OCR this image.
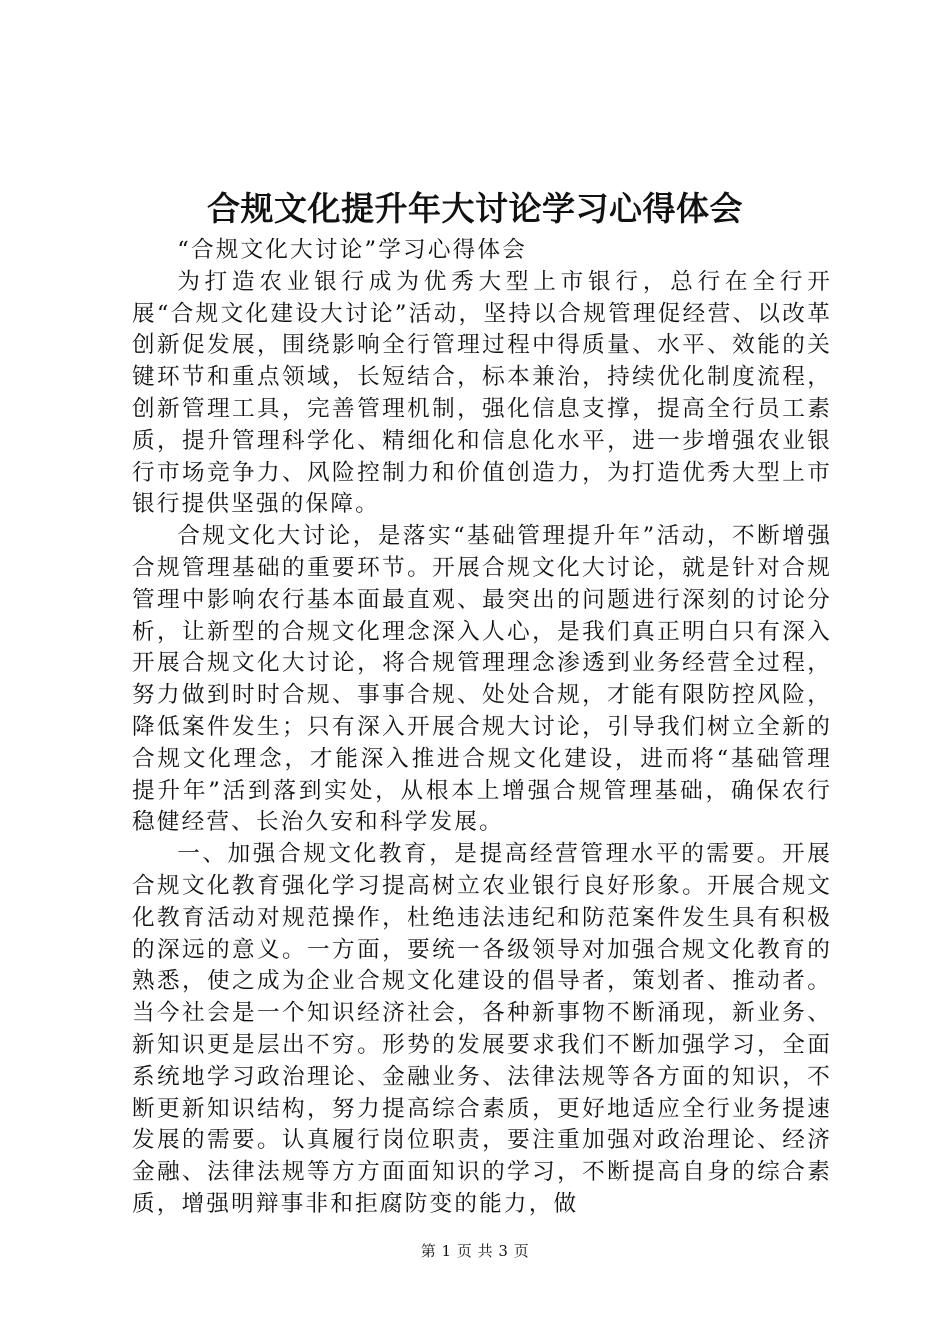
合规文化提升年大讨论学习心得体会

“合规文化大讨论”学习心得体会

为打造农业银行成为优秀大型上市银行，总行在全行开展“合规文化建设大讨论”活动，坚持以合规管理促经营、以改革创新促发展，围绕影响全行管理过程中得质量、水平、效能的关键环节和重点领域，长短结合，标本兼治，持续优化制度流程，创新管理工具，完善管理机制，强化信息支撑，提高全行员工素质，提升管理科学化、精细化和信息化水平，进一步增强农业银行市场竞争力、风险控制力和价值创造力，为打造优秀大型上市银行提供坚强的保障。

合规文化大讨论，是落实“基础管理提升年”活动，不断增强合规管理基础的重要环节。开展合规文化大讨论，就是针对合规管理中影响农行基本面最直观、最突出的问题进行深刻的讨论分析，让新型的合规文化理念深入人心，是我们真正明白只有深入开展合规文化大讨论，将合规管理理念渗透到业务经营全过程，努力做到时时合规、事事合规、处处合规，才能有限防控风险，降低案件发生；只有深入开展合规大讨论，引导我们树立全新的合规文化理念，才能深入推进合规文化建设，进而将“基础管理提升年”活到落到实处，从根本上增强合规管理基础，确保农行稳健经营、长治久安和科学发展。

一、加强合规文化教育，是提高经营管理水平的需要。开展合规文化教育强化学习提高树立农业银行良好形象。开展合规文化教育活动对规范操作，杜绝违法违纪和防范案件发生具有积极的深远的意义。一方面，要统一各级领导对加强合规文化教育的熟悉，使之成为企业合规文化建设的倡导者，策划者、推动者。当今社会是一个知识经济社会，各种新事物不断涌现，新业务、新知识更是层出不穷。形势的发展要求我们不断加强学习，全面系统地学习政治理论、金融业务、法律法规等各方面的知识，不断更新知识结构，努力提高综合素质，更好地适应全行业务提速发展的需要。认真履行岗位职责，要注重加强对政治理论、经济金融、法律法规等方方面面知识的学习，不断提高自身的综合素质，增强明辩事非和拒腐防变的能力，做

第 1 页 共 3 页
